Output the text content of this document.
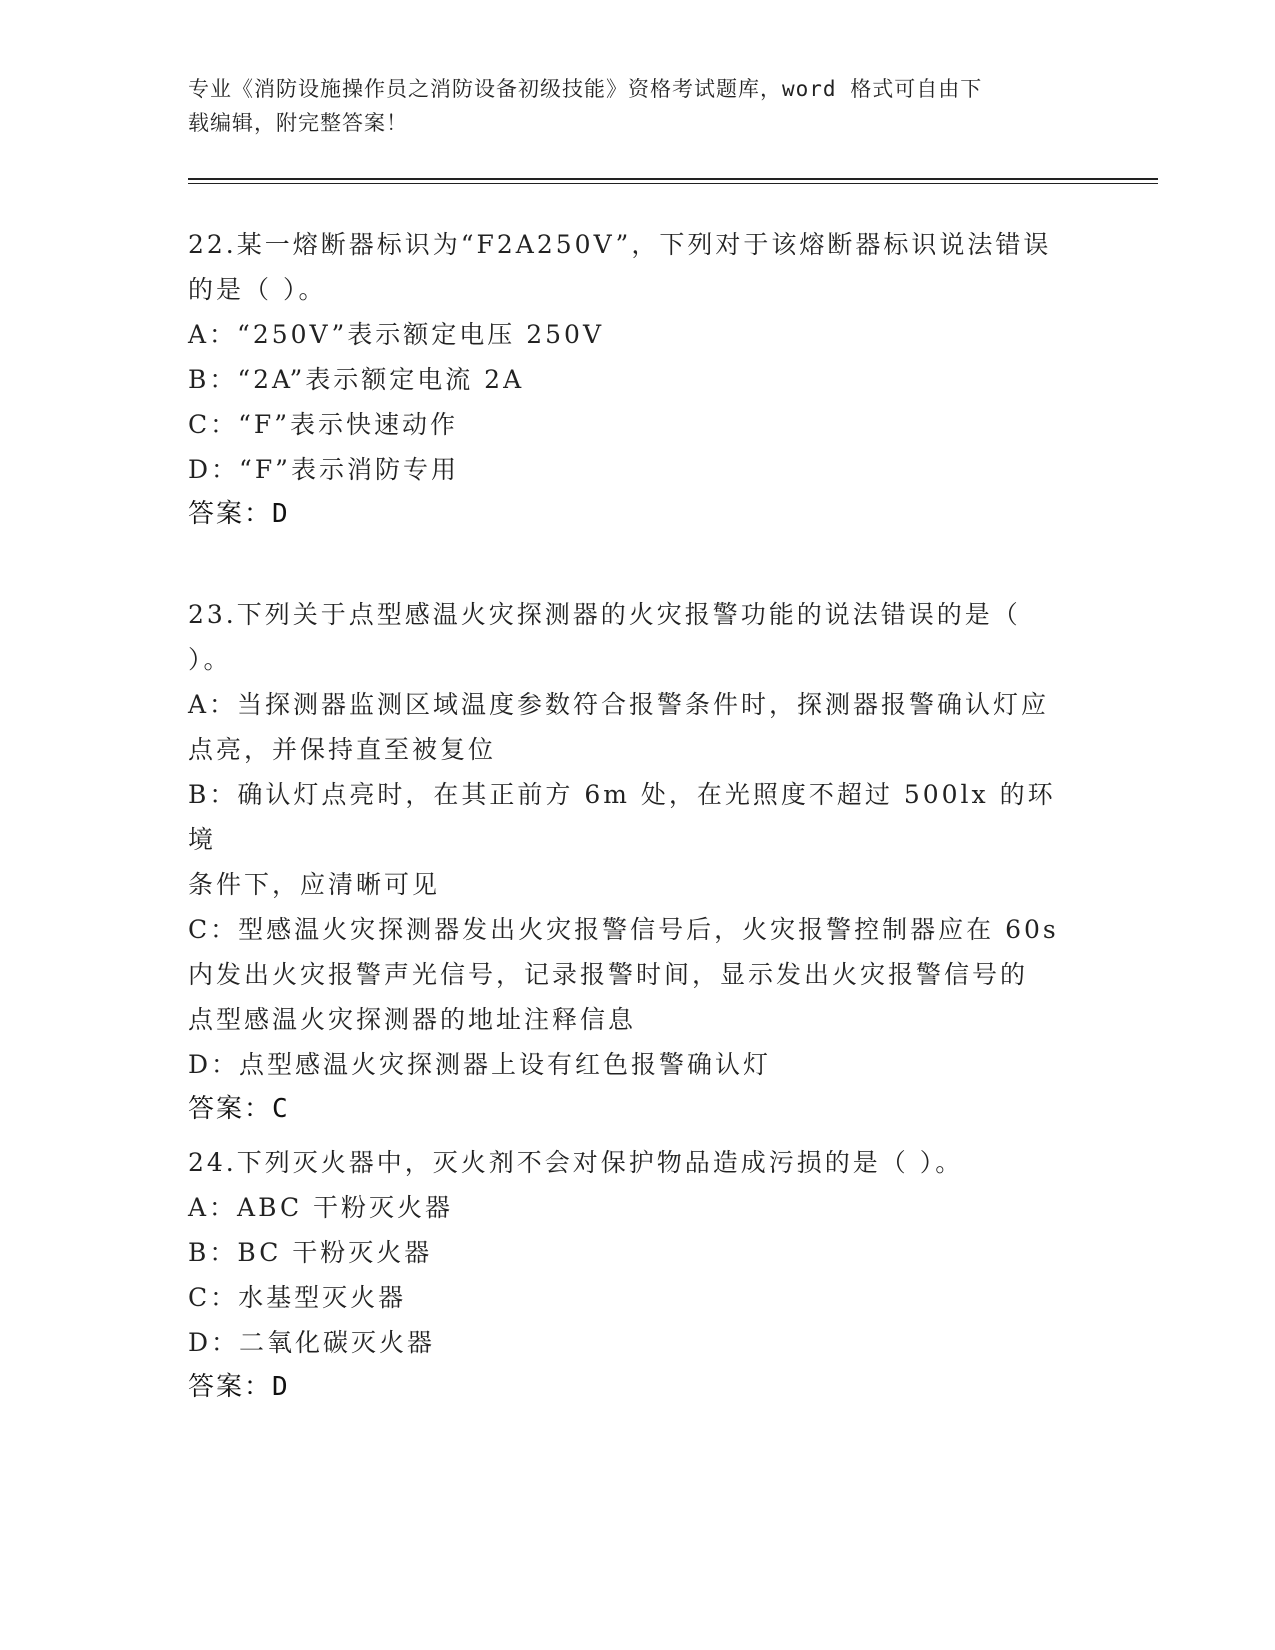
专业《消防设施操作员之消防设备初级技能》资格考试题库，word 格式可自由下
载编辑，附完整答案！
22.某一熔断器标识为“F2A250V”，下列对于该熔断器标识说法错误
的是（ ）。
A：“250V”表示额定电压 250V
B：“2A”表示额定电流 2A
C：“F”表示快速动作
D：“F”表示消防专用
答案：D
23.下列关于点型感温火灾探测器的火灾报警功能的说法错误的是（
）。
A：当探测器监测区域温度参数符合报警条件时，探测器报警确认灯应
点亮，并保持直至被复位
B：确认灯点亮时，在其正前方 6m 处，在光照度不超过 500lx 的环境
条件下，应清晰可见
C：型感温火灾探测器发出火灾报警信号后，火灾报警控制器应在 60s
内发出火灾报警声光信号，记录报警时间，显示发出火灾报警信号的
点型感温火灾探测器的地址注释信息
D：点型感温火灾探测器上设有红色报警确认灯
答案：C
24.下列灭火器中，灭火剂不会对保护物品造成污损的是（ ）。
A：ABC 干粉灭火器
B：BC 干粉灭火器
C：水基型灭火器
D：二氧化碳灭火器
答案：D
